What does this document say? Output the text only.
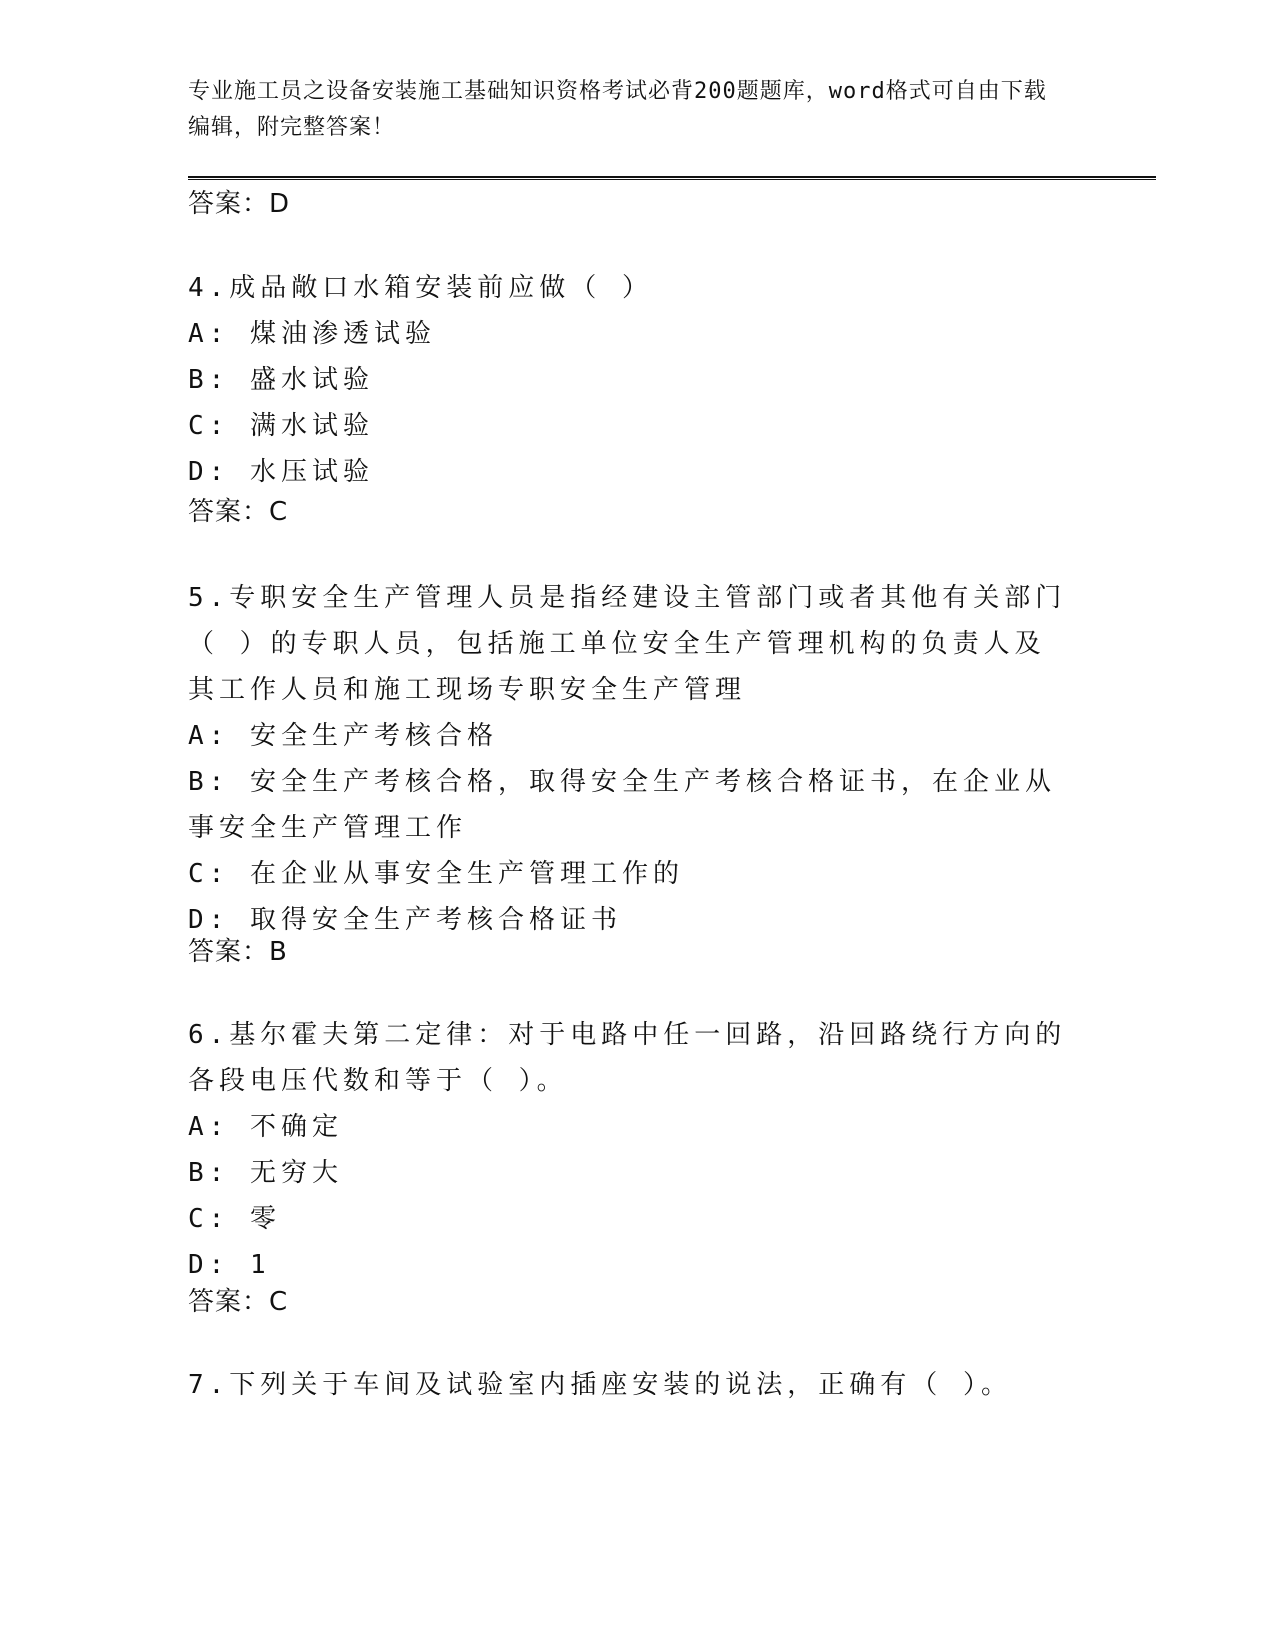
专业施工员之设备安装施工基础知识资格考试必背200题题库，word格式可自由下载编辑，附完整答案！
答案：D
4.成品敞口水箱安装前应做（ ）
A: 煤油渗透试验
B: 盛水试验
C: 满水试验
D: 水压试验
答案：C
5.专职安全生产管理人员是指经建设主管部门或者其他有关部门（ ）的专职人员，包括施工单位安全生产管理机构的负责人及其工作人员和施工现场专职安全生产管理
A: 安全生产考核合格
B: 安全生产考核合格，取得安全生产考核合格证书，在企业从事安全生产管理工作
C: 在企业从事安全生产管理工作的
D: 取得安全生产考核合格证书
答案：B
6.基尔霍夫第二定律：对于电路中任一回路，沿回路绕行方向的各段电压代数和等于（ ）。
A: 不确定
B: 无穷大
C: 零
D: 1
答案：C
7.下列关于车间及试验室内插座安装的说法，正确有（ ）。
